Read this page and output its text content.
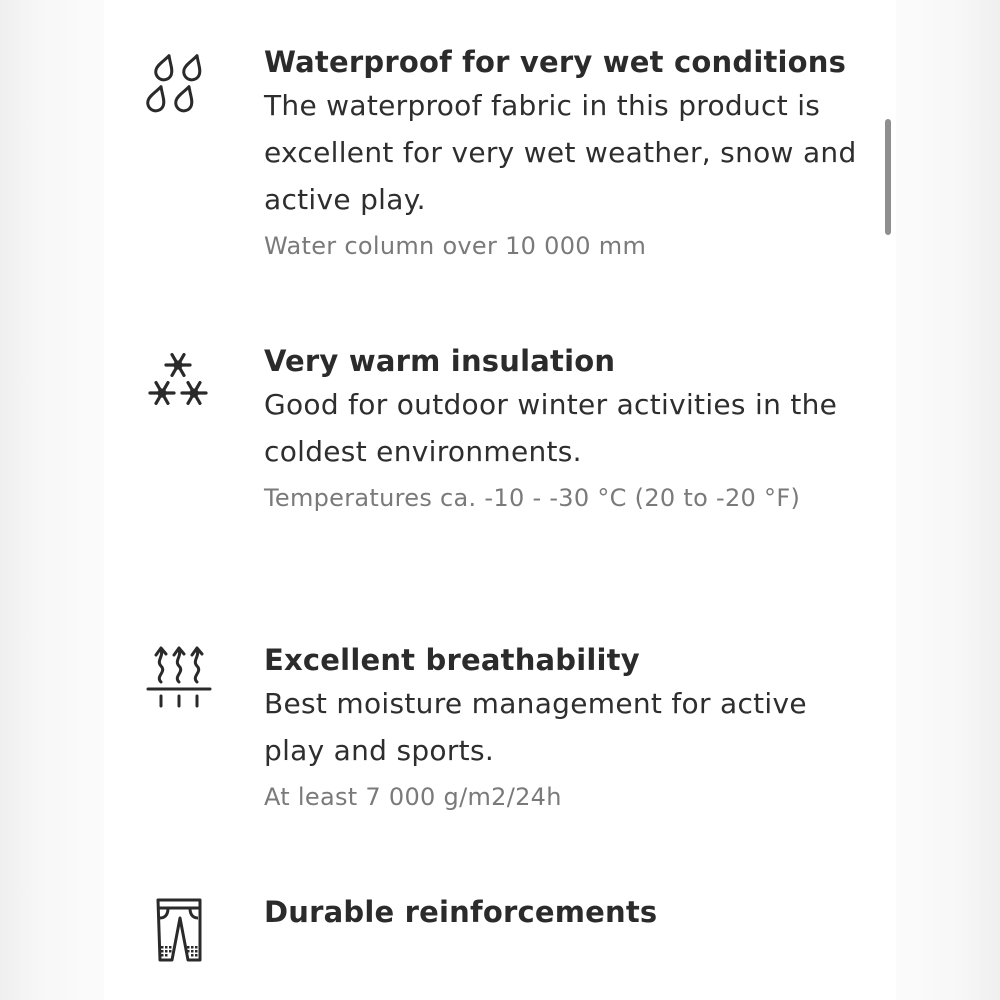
Waterproof for very wet conditions
The waterproof fabric in this product is excellent for very wet weather, snow and active play.
Water column over 10 000 mm
Very warm insulation
Good for outdoor winter activities in the coldest environments.
Temperatures ca. -10 - -30 °C (20 to -20 °F)
Excellent breathability
Best moisture management for active play and sports.
At least 7 000 g/m2/24h
Durable reinforcements
